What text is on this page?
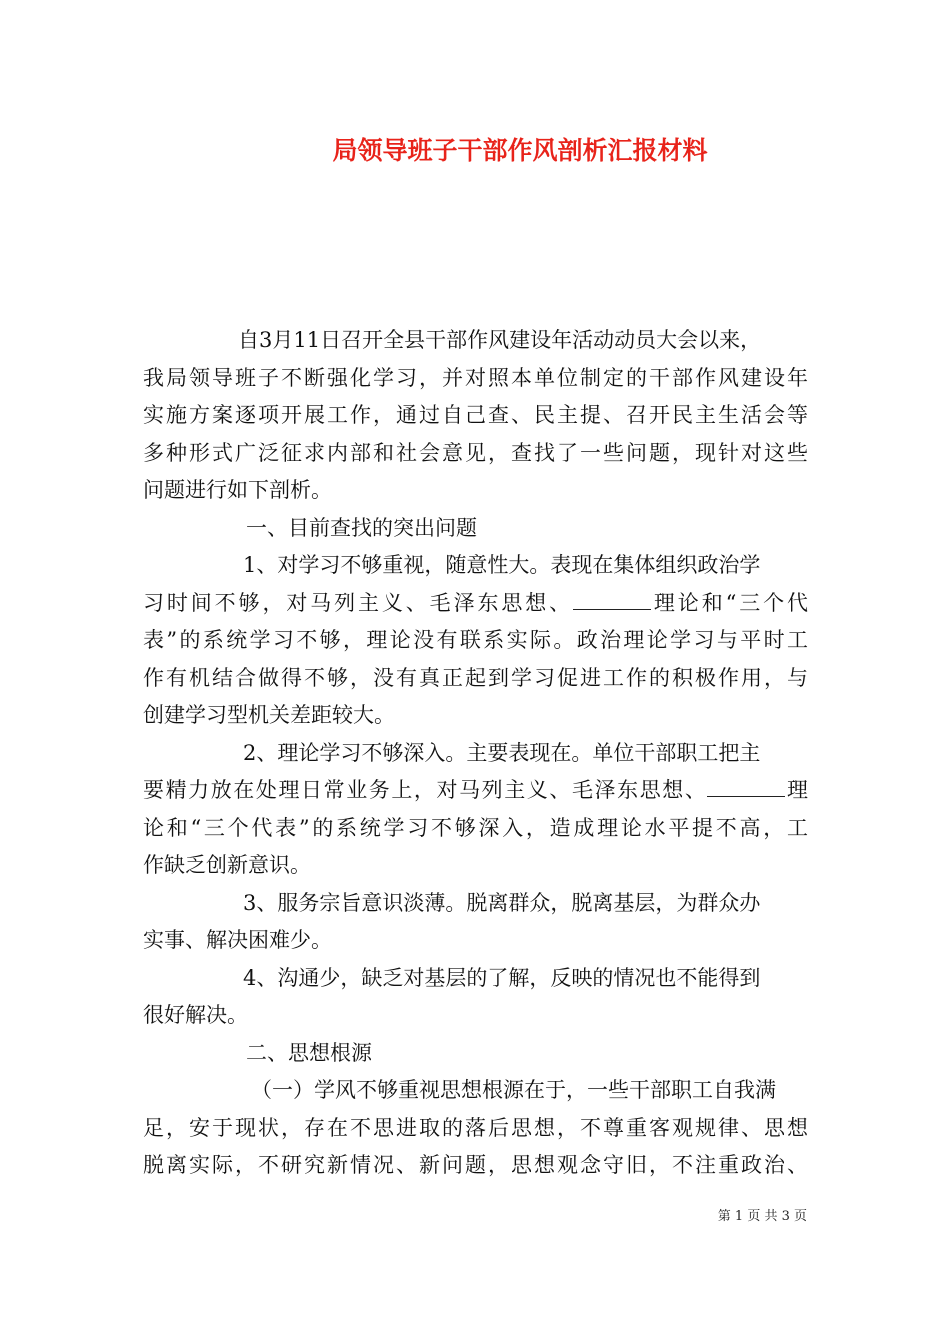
局领导班子干部作风剖析汇报材料
自3月11日召开全县干部作风建设年活动动员大会以来，
我局领导班子不断强化学习，并对照本单位制定的干部作风建设年
实施方案逐项开展工作，通过自己查、民主提、召开民主生活会等
多种形式广泛征求内部和社会意见，查找了一些问题，现针对这些
问题进行如下剖析。
一、目前查找的突出问题
1、对学习不够重视，随意性大。表现在集体组织政治学
习时间不够，对马列主义、毛泽东思想、	理论和“三个代
表”的系统学习不够，理论没有联系实际。政治理论学习与平时工
作有机结合做得不够，没有真正起到学习促进工作的积极作用，与
创建学习型机关差距较大。
2、理论学习不够深入。主要表现在。单位干部职工把主
要精力放在处理日常业务上，对马列主义、毛泽东思想、	理
论和“三个代表”的系统学习不够深入，造成理论水平提不高，工
作缺乏创新意识。
3、服务宗旨意识淡薄。脱离群众，脱离基层，为群众办
实事、解决困难少。
4、沟通少，缺乏对基层的了解，反映的情况也不能得到
很好解决。
二、思想根源
（一）学风不够重视思想根源在于，一些干部职工自我满
足，安于现状，存在不思进取的落后思想，不尊重客观规律、思想
脱离实际，不研究新情况、新问题，思想观念守旧，不注重政治、
第 1 页 共 3 页
